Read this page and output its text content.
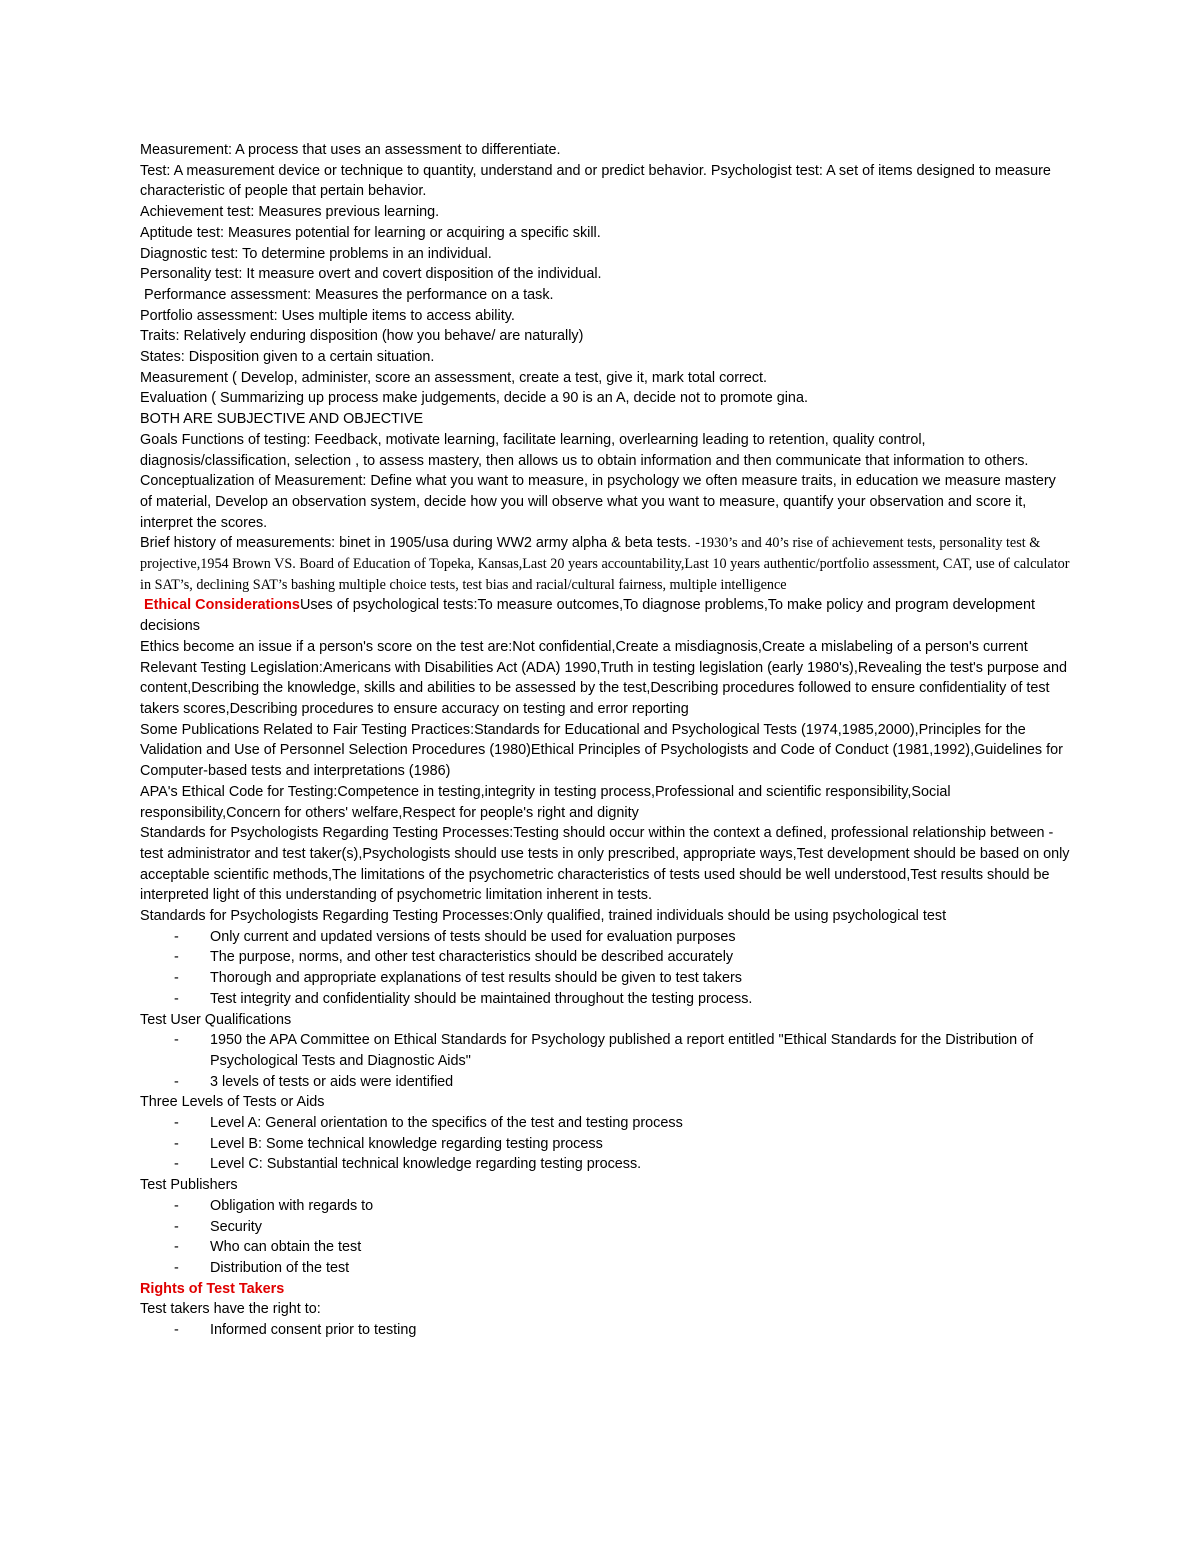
Measurement: A process that uses an assessment to differentiate.

Test: A measurement device or technique to quantity, understand and or predict behavior. Psychologist test: A set of items designed to measure characteristic of people that pertain behavior.

Achievement test: Measures previous learning.

Aptitude test: Measures potential for learning or acquiring a specific skill.

Diagnostic test: To determine problems in an individual.

Personality test: It measure overt and covert disposition of the individual.

Performance assessment: Measures the performance on a task.

Portfolio assessment: Uses multiple items to access ability.

Traits: Relatively enduring disposition (how you behave/ are naturally)

States: Disposition given to a certain situation.

Measurement ( Develop, administer, score an assessment, create a test, give it, mark total correct.

Evaluation ( Summarizing up process make judgements, decide a 90 is an A, decide not to promote gina.

BOTH ARE SUBJECTIVE AND OBJECTIVE

Goals Functions of testing: Feedback, motivate learning, facilitate learning, overlearning leading to retention, quality control, diagnosis/classification, selection , to assess mastery, then allows us to obtain information and then communicate that information to others.

Conceptualization of Measurement: Define what you want to measure, in psychology we often measure traits, in education we measure mastery of material, Develop an observation system, decide how you will observe what you want to measure, quantify your observation and score it, interpret the scores.

Brief history of measurements: binet in 1905/usa during WW2 army alpha & beta tests. -1930’s and 40’s rise of achievement tests, personality test & projective,1954 Brown VS. Board of Education of Topeka, Kansas,Last 20 years accountability,Last 10 years authentic/portfolio assessment, CAT, use of calculator in SAT’s, declining SAT’s bashing multiple choice tests, test bias and racial/cultural fairness, multiple intelligence

Ethical ConsiderationsUses of psychological tests:To measure outcomes,To diagnose problems,To make policy and program development decisions

Ethics become an issue if a person's score on the test are:Not confidential,Create a misdiagnosis,Create a mislabeling of a person's current

Relevant Testing Legislation:Americans with Disabilities Act (ADA) 1990,Truth in testing legislation (early 1980's),Revealing the test's purpose and content,Describing the knowledge, skills and abilities to be assessed by the test,Describing procedures followed to ensure confidentiality of test takers scores,Describing procedures to ensure accuracy on testing and error reporting

Some Publications Related to Fair Testing Practices:Standards for Educational and Psychological Tests (1974,1985,2000),Principles for the Validation and Use of Personnel Selection Procedures (1980)Ethical Principles of Psychologists and Code of Conduct (1981,1992),Guidelines for Computer-based tests and interpretations (1986)

APA's Ethical Code for Testing:Competence in testing,integrity in testing process,Professional and scientific responsibility,Social responsibility,Concern for others' welfare,Respect for people's right and dignity

Standards for Psychologists Regarding Testing Processes:Testing should occur within the context a defined, professional relationship between -test administrator and test taker(s),Psychologists should use tests in only prescribed, appropriate ways,Test development should be based on only acceptable scientific methods,The limitations of the psychometric characteristics of tests used should be well understood,Test results should be interpreted light of this understanding of psychometric limitation inherent in tests.

Standards for Psychologists Regarding Testing Processes:Only qualified, trained individuals should be using psychological test

- Only current and updated versions of tests should be used for evaluation purposes
- The purpose, norms, and other test characteristics should be described accurately
- Thorough and appropriate explanations of test results should be given to test takers
- Test integrity and confidentiality should be maintained throughout the testing process.

Test User Qualifications

- 1950 the APA Committee on Ethical Standards for Psychology published a report entitled "Ethical Standards for the Distribution of Psychological Tests and Diagnostic Aids"
- 3 levels of tests or aids were identified

Three Levels of Tests or Aids

- Level A: General orientation to the specifics of the test and testing process
- Level B: Some technical knowledge regarding testing process
- Level C: Substantial technical knowledge regarding testing process.

Test Publishers

- Obligation with regards to
- Security
- Who can obtain the test
- Distribution of the test

Rights of Test Takers

Test takers have the right to:

- Informed consent prior to testing
